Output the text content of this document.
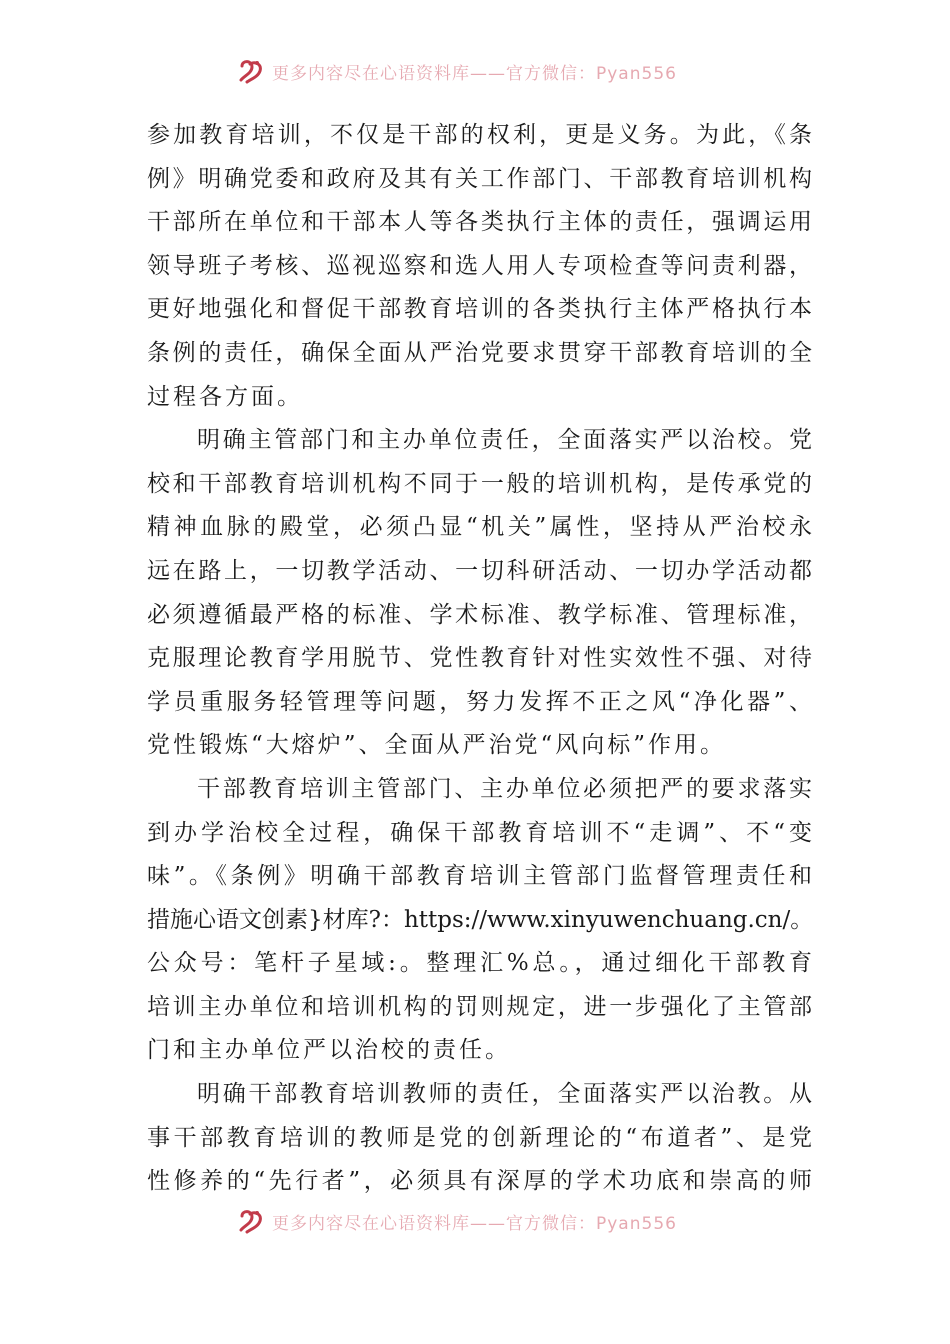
更多内容尽在心语资料库——官方微信：Pyan556
参加教育培训，不仅是干部的权利，更是义务。为此，《条
例》明确党委和政府及其有关工作部门、干部教育培训机构
干部所在单位和干部本人等各类执行主体的责任，强调运用
领导班子考核、巡视巡察和选人用人专项检查等问责利器，
更好地强化和督促干部教育培训的各类执行主体严格执行本
条例的责任，确保全面从严治党要求贯穿干部教育培训的全
过程各方面。
明确主管部门和主办单位责任，全面落实严以治校。党
校和干部教育培训机构不同于一般的培训机构，是传承党的
精神血脉的殿堂，必须凸显“机关”属性，坚持从严治校永
远在路上，一切教学活动、一切科研活动、一切办学活动都
必须遵循最严格的标准、学术标准、教学标准、管理标准，
克服理论教育学用脱节、党性教育针对性实效性不强、对待
学员重服务轻管理等问题，努力发挥不正之风“净化器”、
党性锻炼“大熔炉”、全面从严治党“风向标”作用。
干部教育培训主管部门、主办单位必须把严的要求落实
到办学治校全过程，确保干部教育培训不“走调”、不“变
味”。《条例》明确干部教育培训主管部门监督管理责任和
措施心语文创素}材库?：https://www.xinyuwenchuang.cn/。
公众号：笔杆子星域:。整理汇%总。，通过细化干部教育
培训主办单位和培训机构的罚则规定，进一步强化了主管部
门和主办单位严以治校的责任。
明确干部教育培训教师的责任，全面落实严以治教。从
事干部教育培训的教师是党的创新理论的“布道者”、是党
性修养的“先行者”，必须具有深厚的学术功底和崇高的师
更多内容尽在心语资料库——官方微信：Pyan556
